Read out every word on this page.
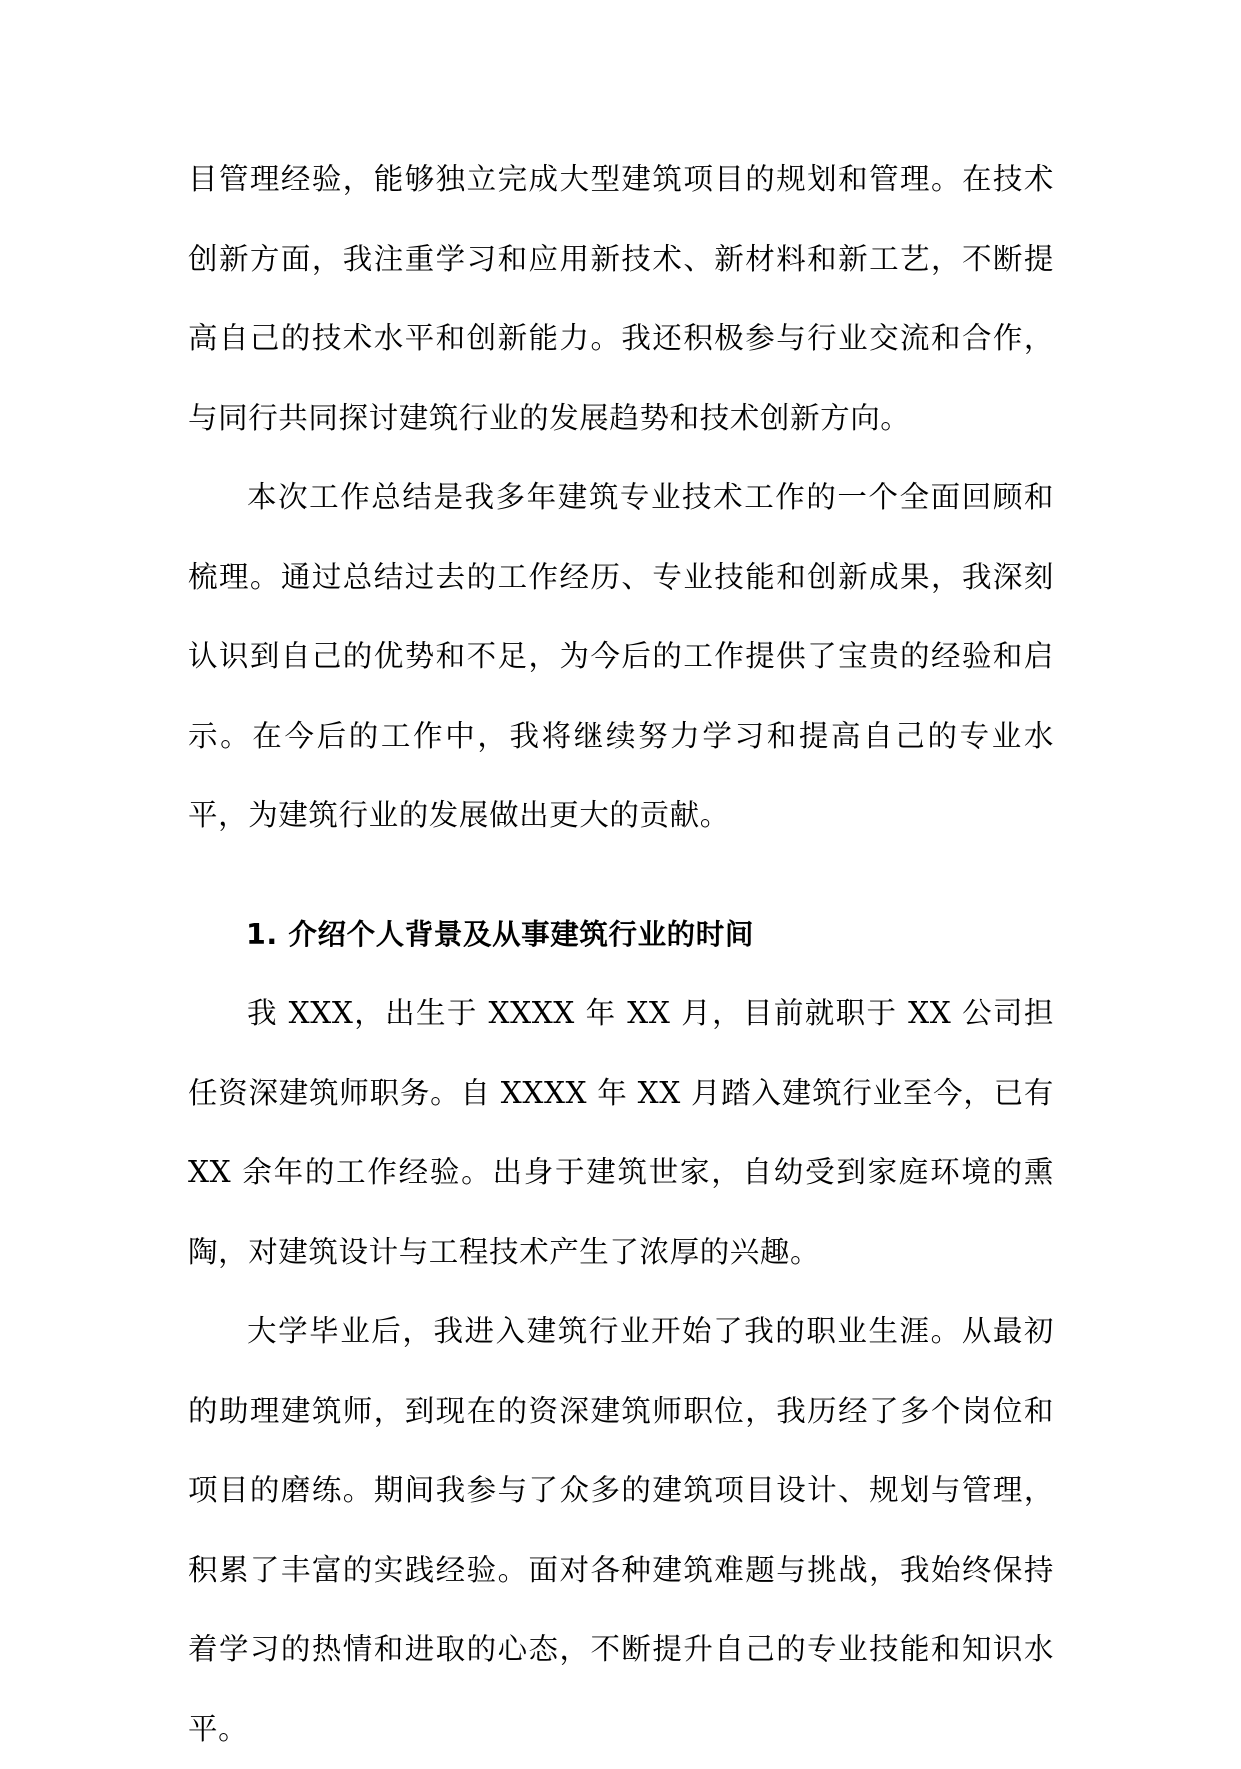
目管理经验，能够独立完成大型建筑项目的规划和管理。在技术创新方面，我注重学习和应用新技术、新材料和新工艺，不断提高自己的技术水平和创新能力。我还积极参与行业交流和合作，与同行共同探讨建筑行业的发展趋势和技术创新方向。

本次工作总结是我多年建筑专业技术工作的一个全面回顾和梳理。通过总结过去的工作经历、专业技能和创新成果，我深刻认识到自己的优势和不足，为今后的工作提供了宝贵的经验和启示。在今后的工作中，我将继续努力学习和提高自己的专业水平，为建筑行业的发展做出更大的贡献。

1. 介绍个人背景及从事建筑行业的时间

我 XXX，出生于 XXXX 年 XX 月，目前就职于 XX 公司担任资深建筑师职务。自 XXXX 年 XX 月踏入建筑行业至今，已有 XX 余年的工作经验。出身于建筑世家，自幼受到家庭环境的熏陶，对建筑设计与工程技术产生了浓厚的兴趣。

大学毕业后，我进入建筑行业开始了我的职业生涯。从最初的助理建筑师，到现在的资深建筑师职位，我历经了多个岗位和项目的磨练。期间我参与了众多的建筑项目设计、规划与管理，积累了丰富的实践经验。面对各种建筑难题与挑战，我始终保持着学习的热情和进取的心态，不断提升自己的专业技能和知识水平。
